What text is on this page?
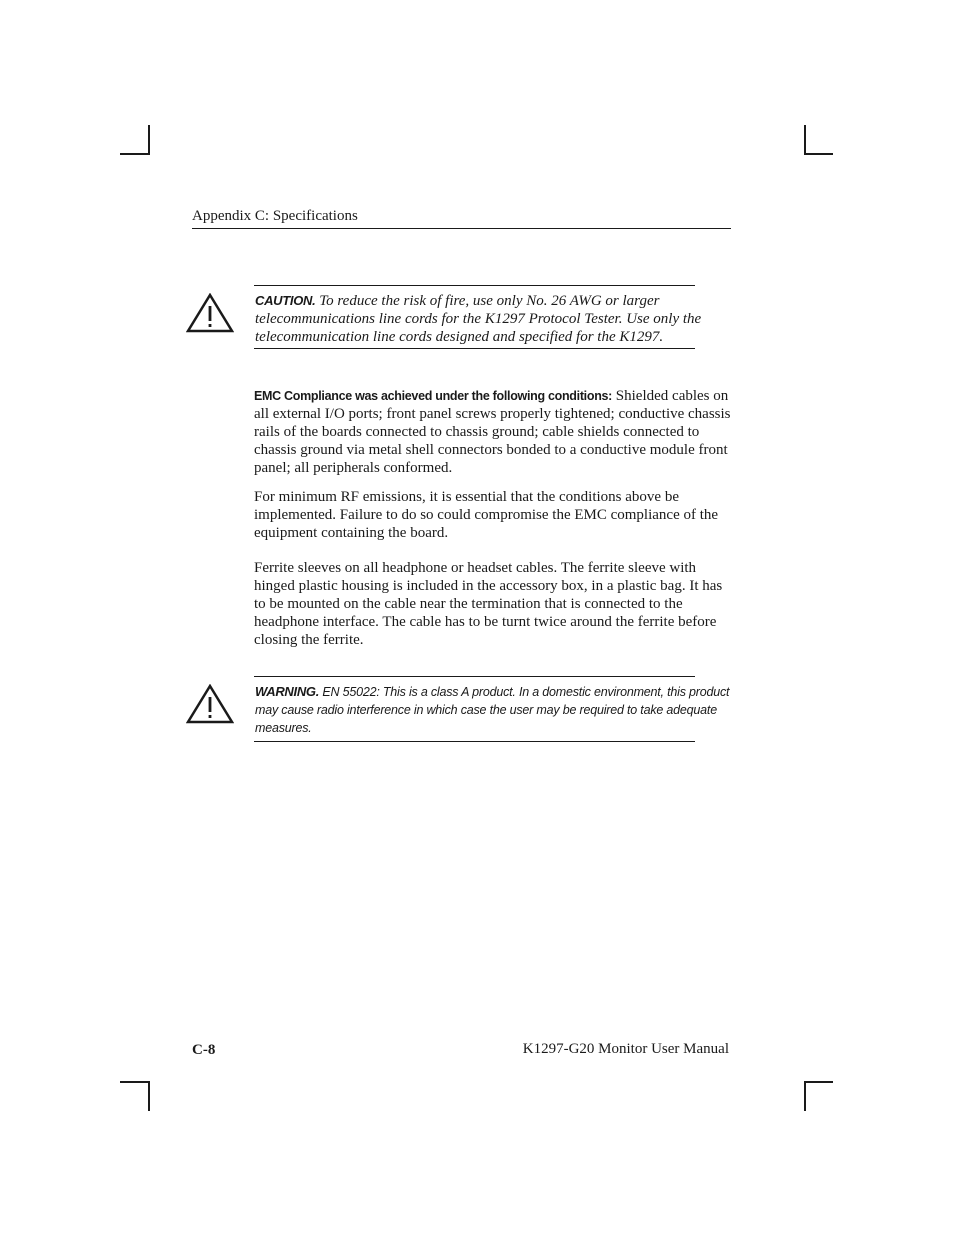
Appendix C: Specifications
CAUTION. To reduce the risk of fire, use only No. 26 AWG or larger telecommunications line cords for the K1297 Protocol Tester. Use only the telecommunication line cords designed and specified for the K1297.
EMC Compliance was achieved under the following conditions: Shielded cables on all external I/O ports; front panel screws properly tightened; conductive chassis rails of the boards connected to chassis ground; cable shields connected to chassis ground via metal shell connectors bonded to a conductive module front panel; all peripherals conformed.
For minimum RF emissions, it is essential that the conditions above be implemented. Failure to do so could compromise the EMC compliance of the equipment containing the board.
Ferrite sleeves on all headphone or headset cables. The ferrite sleeve with hinged plastic housing is included in the accessory box, in a plastic bag. It has to be mounted on the cable near the termination that is connected to the headphone interface. The cable has to be turnt twice around the ferrite before closing the ferrite.
WARNING. EN 55022: This is a class A product. In a domestic environment, this product may cause radio interference in which case the user may be required to take adequate measures.
C-8	K1297-G20 Monitor User Manual
